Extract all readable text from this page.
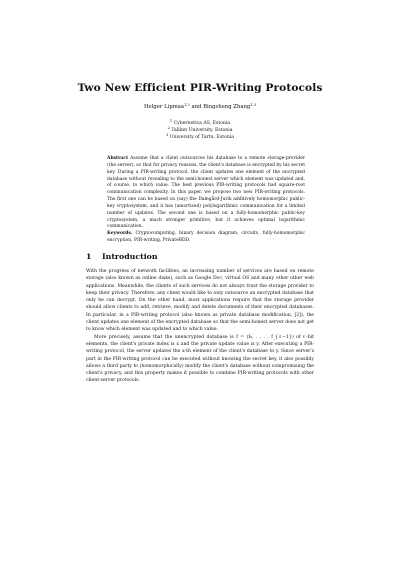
Two New Efficient PIR-Writing Protocols
Helger Lipmaa$^{1,2}$ and Bingsheng Zhang$^{1,3}$
$^1$ Cybernetica AS, Estonia
$^2$ Tallinn University, Estonia
$^3$ University of Tartu, Estonia

Abstract Assume that a client outsources his database to a remote storage-provider (the server), so that for privacy reasons, the client's database is encrypted by his secret key. During a PIR-writing protocol, the client updates one element of the encrypted database without revealing to the semi-honest server which element was updated and, of course, to which value. The best previous PIR-writing protocols had square-root communication complexity. In this paper, we propose two new PIR-writing protocols. The first one can be based on (say) the Damgård-Jurik additively homomorphic public-key cryptosystem, and it has (amortized) polylogarithmic communication for a limited number of updates. The second one is based on a fully-homomorphic public-key cryptosystem, a much stronger primitive, but it achieves optimal logarithmic communication.

Keywords. Cryptocomputing, binary decision diagram, circuits, fully-homomorphic encryption, PIR-writing, PrivateBDD.

1 Introduction

With the progress of network facilities, an increasing number of services are based on remote storage (also known as online disks), such as Google Doc, virtual OS and many other other web applications. Meanwhile, the clients of such services do not always trust the storage provider to keep their privacy. Therefore, any client would like to only outsource an encrypted database that only he can decrypt. On the other hand, most applications require that the storage provider should allow clients to add, retrieve, modify and delete documents of their encrypted databases. In particular, in a PIR-writing protocol (also known as private database modification, [2]), the client updates one element of the encrypted database so that the semi-honest server does not get to know which element was updated and to which value.

More precisely, assume that the unencrypted database is f = (f₀, . . . , f_{ℓ−1}) of ℓ-bit elements, the client's private index is x and the private update value is y. After executing a PIR-writing protocol, the server updates the x-th element of the client's database to y. Since server's part in the PIR-writing protocol can be executed without knowing the secret key, it also possibly allows a third party to (homomorphically) modify the client's database without compromising the client's privacy, and this property makes it possible to combine PIR-writing protocols with other client-server protocols.
